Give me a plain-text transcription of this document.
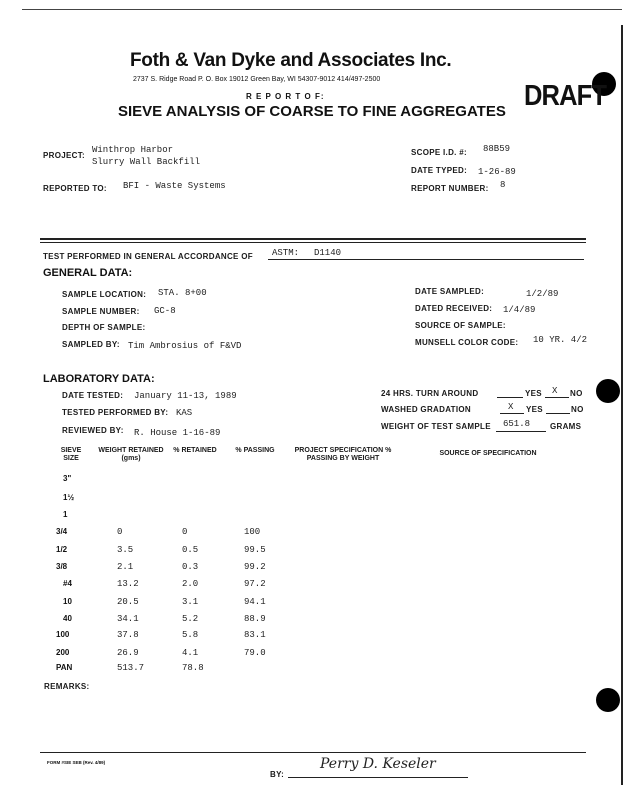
Foth & Van Dyke and Associates Inc.
2737 S. Ridge Road P. O. Box 19012 Green Bay, WI 54307-9012 414/497-2500
R E P O R T O F:
SIEVE ANALYSIS OF COARSE TO FINE AGGREGATES DRAFT
PROJECT:
Winthrop Harbor
Slurry Wall Backfill
REPORTED TO: BFI - Waste Systems
SCOPE I.D. #: 88B59
DATE TYPED: 1-26-89
REPORT NUMBER: 8
TEST PERFORMED IN GENERAL ACCORDANCE OF ASTM: D1140
GENERAL DATA:
SAMPLE LOCATION: STA. 8+00
SAMPLE NUMBER: GC-8
DEPTH OF SAMPLE:
SAMPLED BY: Tim Ambrosius of F&VD
DATE SAMPLED:	1/2/89
DATED RECEIVED: 1/4/89
SOURCE OF SAMPLE:
MUNSELL COLOR CODE: 10 YR. 4/2
LABORATORY DATA:
DATE TESTED: January 11-13, 1989
TESTED PERFORMED BY: KAS
REVIEWED BY: R. House 1-16-89
24 HRS. TURN AROUND	YES X NO
WASHED GRADATION	X YES	NO
WEIGHT OF TEST SAMPLE 651.8 GRAMS
SIEVE SIZE
WEIGHT RETAINED (gms)
% RETAINED	% PASSING	PROJECT SPECIFICATION % PASSING BY WEIGHT
SOURCE OF SPECIFICATION
3"
1½
1
3/4	0	0	100
1/2	3.5	0.5	99.5
3/8	2.1	0.3	99.2
#4	13.2	2.0	97.2
10	20.5	3.1	94.1
40	34.1	5.2	88.9
100	37.8	5.8	83.1
200	26.9	4.1	79.0
PAN	513.7	78.8
REMARKS:
FORM #SIE SEB (Rev. 4/89)
BY:
Perry D. Keseler
